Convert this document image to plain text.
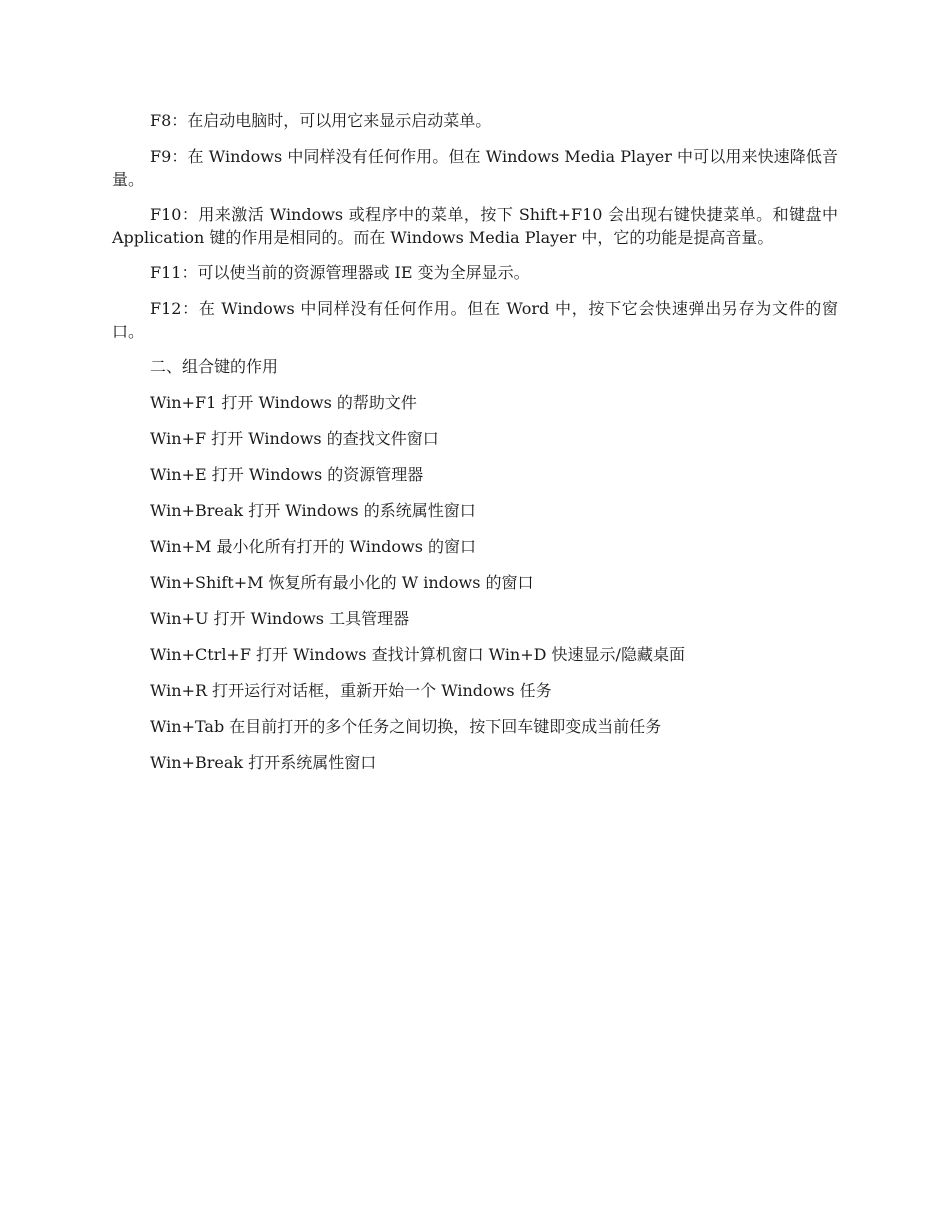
F8：在启动电脑时，可以用它来显示启动菜单。

F9：在 Windows 中同样没有任何作用。但在 Windows Media Player 中可以用来快速降低音量。

F10：用来激活 Windows 或程序中的菜单，按下 Shift+F10 会出现右键快捷菜单。和键盘中 Application 键的作用是相同的。而在 Windows Media Player 中，它的功能是提高音量。

F11：可以使当前的资源管理器或 IE 变为全屏显示。

F12：在 Windows 中同样没有任何作用。但在 Word 中，按下它会快速弹出另存为文件的窗口。

二、组合键的作用

Win+F1 打开 Windows 的帮助文件

Win+F 打开 Windows 的查找文件窗口

Win+E 打开 Windows 的资源管理器

Win+Break 打开 Windows 的系统属性窗口

Win+M 最小化所有打开的 Windows 的窗口

Win+Shift+M 恢复所有最小化的 W indows 的窗口

Win+U 打开 Windows 工具管理器

Win+Ctrl+F 打开 Windows 查找计算机窗口 Win+D 快速显示/隐藏桌面

Win+R 打开运行对话框，重新开始一个 Windows 任务

Win+Tab 在目前打开的多个任务之间切换，按下回车键即变成当前任务

Win+Break 打开系统属性窗口
